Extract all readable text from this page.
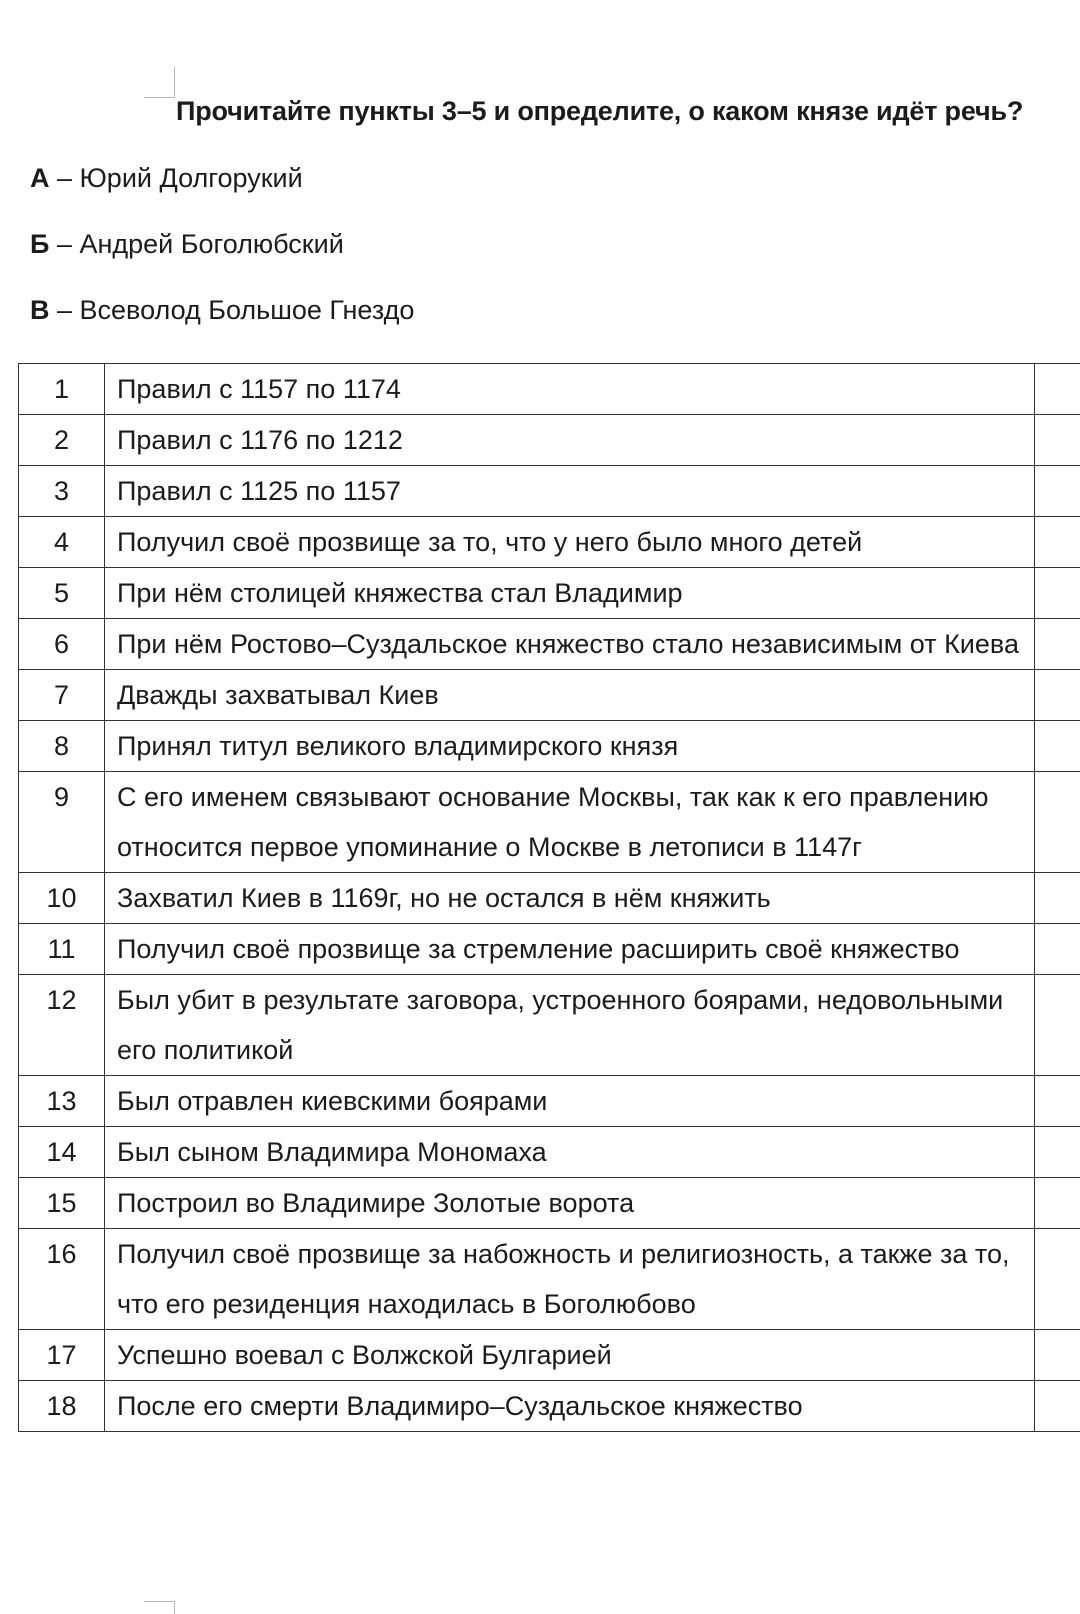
Прочитайте пункты 3–5 и определите, о каком князе идёт речь?
А – Юрий Долгорукий
Б – Андрей Боголюбский
В – Всеволод Большое Гнездо
1	Правил с 1157 по 1174	
2	Правил с 1176 по 1212	
3	Правил с 1125 по 1157	
4	Получил своё прозвище за то, что у него было много детей	
5	При нём столицей княжества стал Владимир	
6	При нём Ростово–Суздальское княжество стало независимым от Киева	
7	Дважды захватывал Киев	
8	Принял титул великого владимирского князя	
9	С его именем связывают основание Москвы, так как к его правлению относится первое упоминание о Москве в летописи в 1147г	
10	Захватил Киев в 1169г, но не остался в нём княжить	
11	Получил своё прозвище за стремление расширить своё княжество	
12	Был убит в результате заговора, устроенного боярами, недовольными его политикой	
13	Был отравлен киевскими боярами	
14	Был сыном Владимира Мономаха	
15	Построил во Владимире Золотые ворота	
16	Получил своё прозвище за набожность и религиозность, а также за то, что его резиденция находилась в Боголюбово	
17	Успешно воевал с Волжской Булгарией	
18	После его смерти Владимиро–Суздальское княжество	
